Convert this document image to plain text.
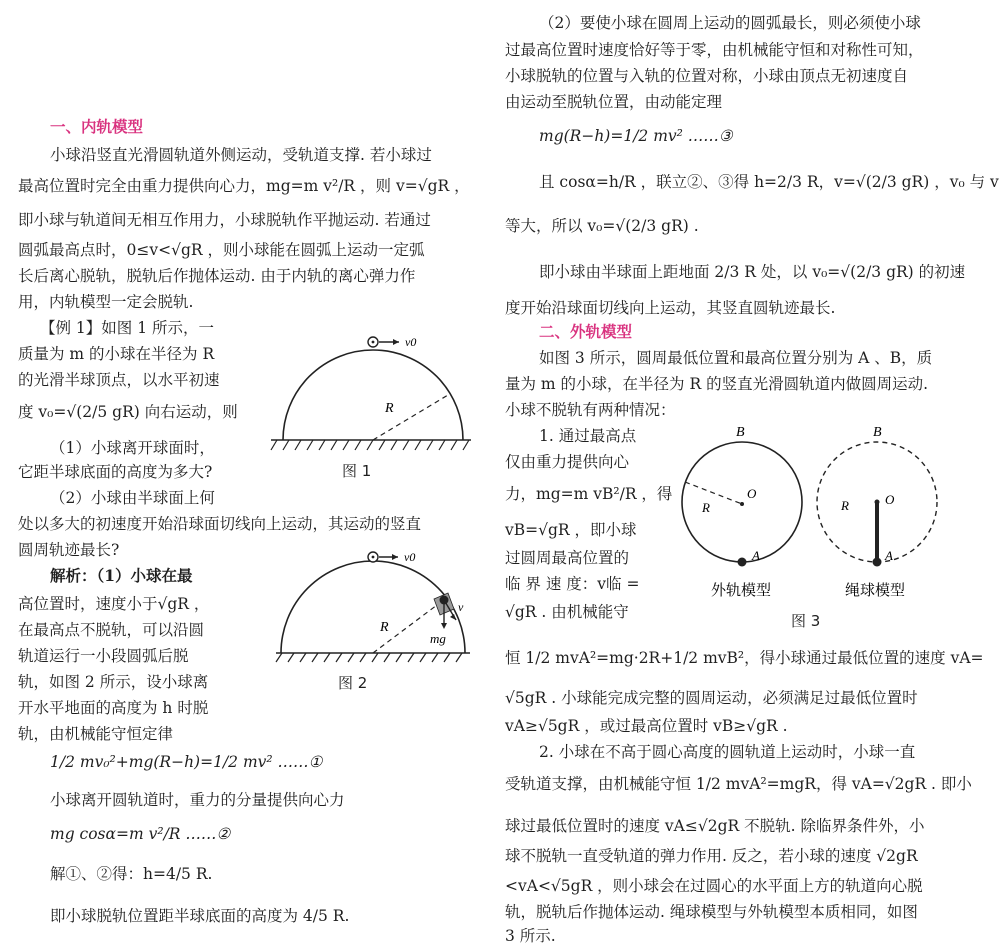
一、内轨模型
小球沿竖直光滑圆轨道外侧运动，受轨道支撑. 若小球过
最高位置时完全由重力提供向心力，mg=m v²/R ，则 v=√gR ，
即小球与轨道间无相互作用力，小球脱轨作平抛运动. 若通过
圆弧最高点时，0≤v<√gR ，则小球能在圆弧上运动一定弧
长后离心脱轨，脱轨后作抛体运动. 由于内轨的离心弹力作
用，内轨模型一定会脱轨.
【例 1】如图 1 所示，一
质量为 m 的小球在半径为 R
的光滑半球顶点，以水平初速
度 v₀=√(2/5 gR) 向右运动，则
（1）小球离开球面时，
它距半球底面的高度为多大?
（2）小球由半球面上何
处以多大的初速度开始沿球面切线向上运动，其运动的竖直
圆周轨迹最长?
解析：（1）小球在最
高位置时，速度小于√gR ，
在最高点不脱轨，可以沿圆
轨道运行一小段圆弧后脱
轨，如图 2 所示，设小球离
开水平地面的高度为 h 时脱
轨，由机械能守恒定律
1/2 mv₀²+mg(R−h)=1/2 mv² ……①
小球离开圆轨道时，重力的分量提供向心力
mg cosα=m v²/R ……②
解①、②得：h=4/5 R.
即小球脱轨位置距半球底面的高度为 4/5 R.
v0
R
图 1
v0
v
mg
R
图 2
（2）要使小球在圆周上运动的圆弧最长，则必须使小球
过最高位置时速度恰好等于零，由机械能守恒和对称性可知，
小球脱轨的位置与入轨的位置对称，小球由顶点无初速度自
由运动至脱轨位置，由动能定理
mg(R−h)=1/2 mv² ……③
且 cosα=h/R ，联立②、③得 h=2/3 R，v=√(2/3 gR) ，v₀ 与 v
等大，所以 v₀=√(2/3 gR) .
即小球由半球面上距地面 2/3 R 处，以 v₀=√(2/3 gR) 的初速
度开始沿球面切线向上运动，其竖直圆轨迹最长.
二、外轨模型
如图 3 所示，圆周最低位置和最高位置分别为 A 、B，质
量为 m 的小球，在半径为 R 的竖直光滑圆轨道内做圆周运动.
小球不脱轨有两种情况：
1. 通过最高点
仅由重力提供向心
力，mg=m vB²/R ，得
vB=√gR ，即小球
过圆周最高位置的
临 界 速 度：v临 =
√gR . 由机械能守
恒 1/2 mvA²=mg·2R+1/2 mvB²，得小球通过最低位置的速度 vA=
√5gR . 小球能完成完整的圆周运动，必须满足过最低位置时
vA≥√5gR ，或过最高位置时 vB≥√gR .
2. 小球在不高于圆心高度的圆轨道上运动时，小球一直
受轨道支撑，由机械能守恒 1/2 mvA²=mgR，得 vA=√2gR . 即小
球过最低位置时的速度 vA≤√2gR 不脱轨. 除临界条件外，小
球不脱轨一直受轨道的弹力作用. 反之，若小球的速度 √2gR
<vA<√5gR ，则小球会在过圆心的水平面上方的轨道向心脱
轨，脱轨后作抛体运动. 绳球模型与外轨模型本质相同，如图
3 所示.
B
O
R
A
外轨模型
B
O
R
A
绳球模型
图 3
